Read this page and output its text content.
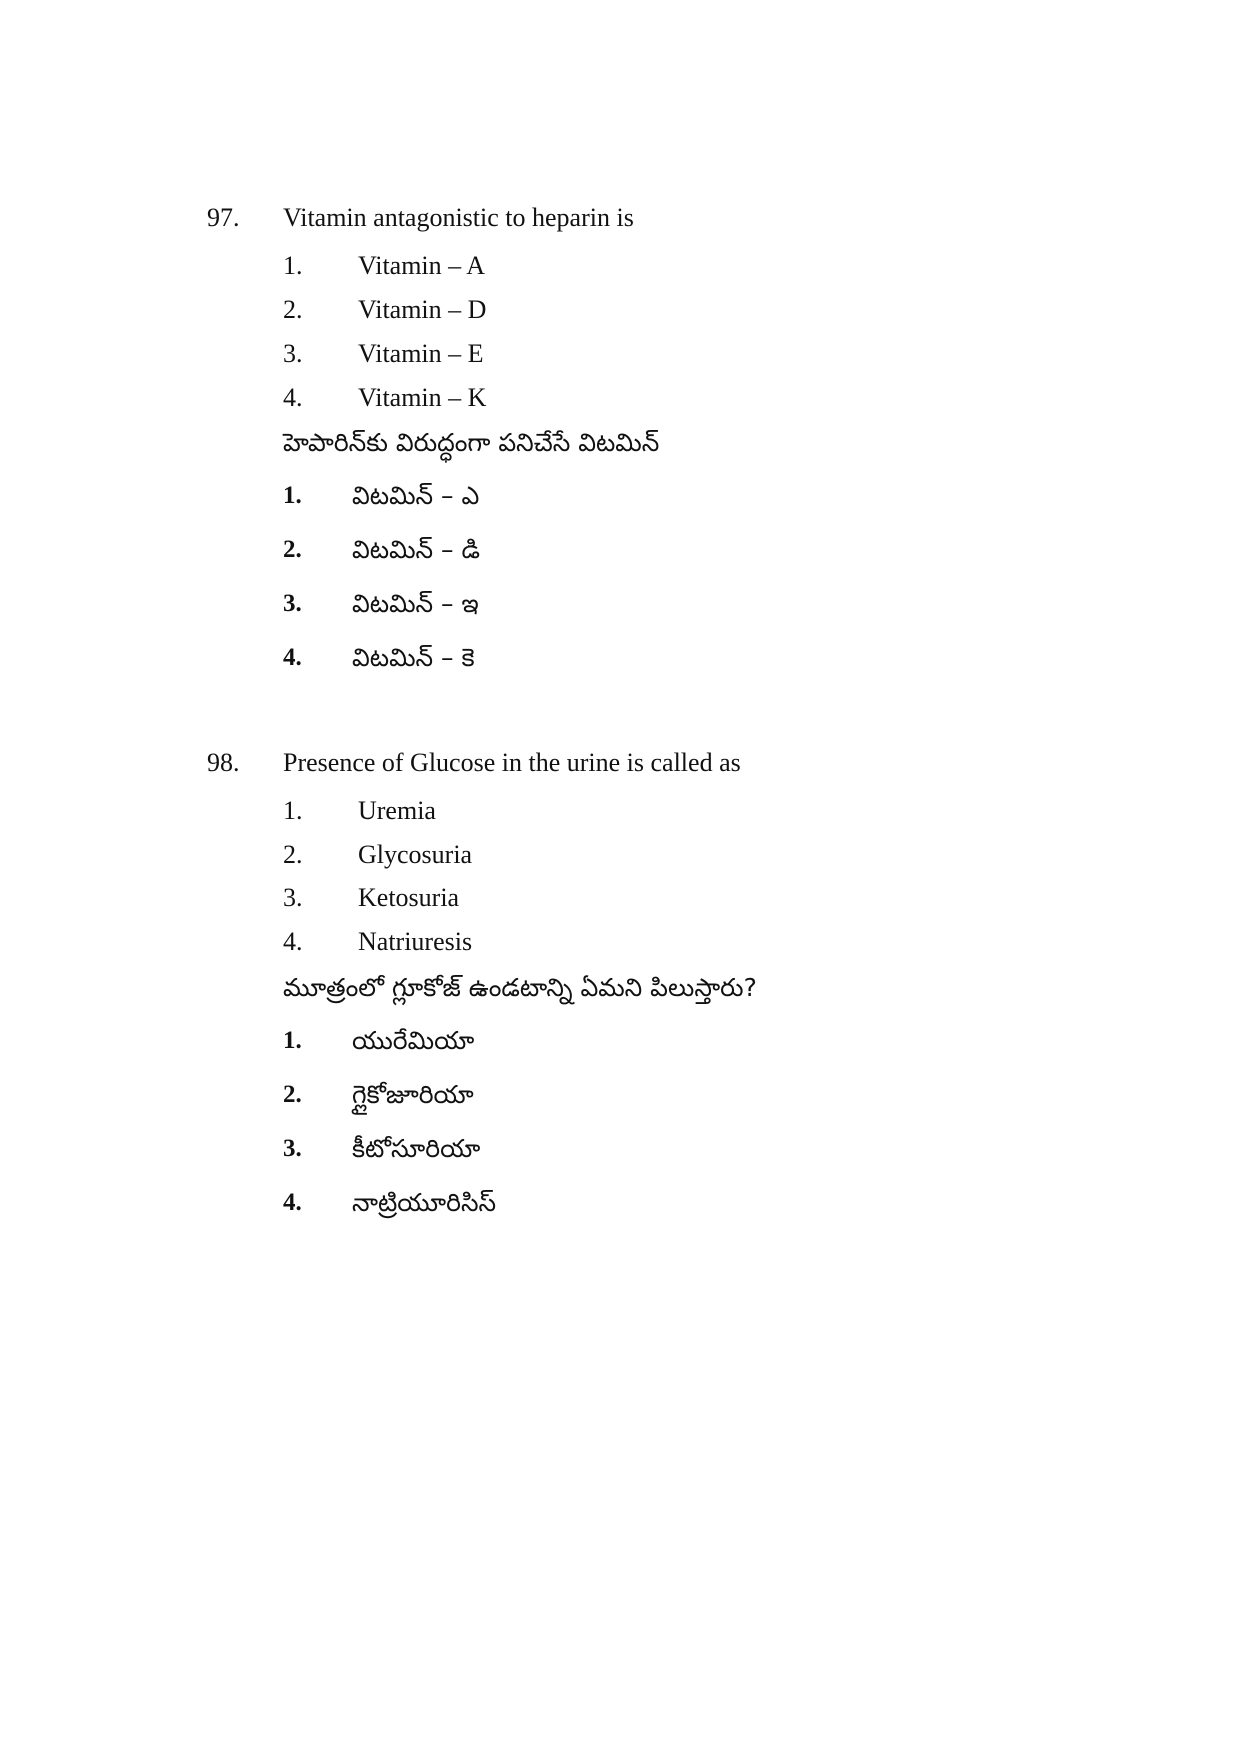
97. Vitamin antagonistic to heparin is
1. Vitamin – A
2. Vitamin – D
3. Vitamin – E
4. Vitamin – K
హెపారిన్‌కు విరుద్ధంగా పనిచేసే విటమిన్
1. విటమిన్ – ఎ
2. విటమిన్ – డి
3. విటమిన్ – ఇ
4. విటమిన్ – కె
98. Presence of Glucose in the urine is called as
1. Uremia
2. Glycosuria
3. Ketosuria
4. Natriuresis
మూత్రంలో గ్లూకోజ్ ఉండటాన్ని ఏమని పిలుస్తారు?
1. యురేమియా
2. గ్లైకోజూరియా
3. కీటోసూరియా
4. నాట్రియూరిసిస్
